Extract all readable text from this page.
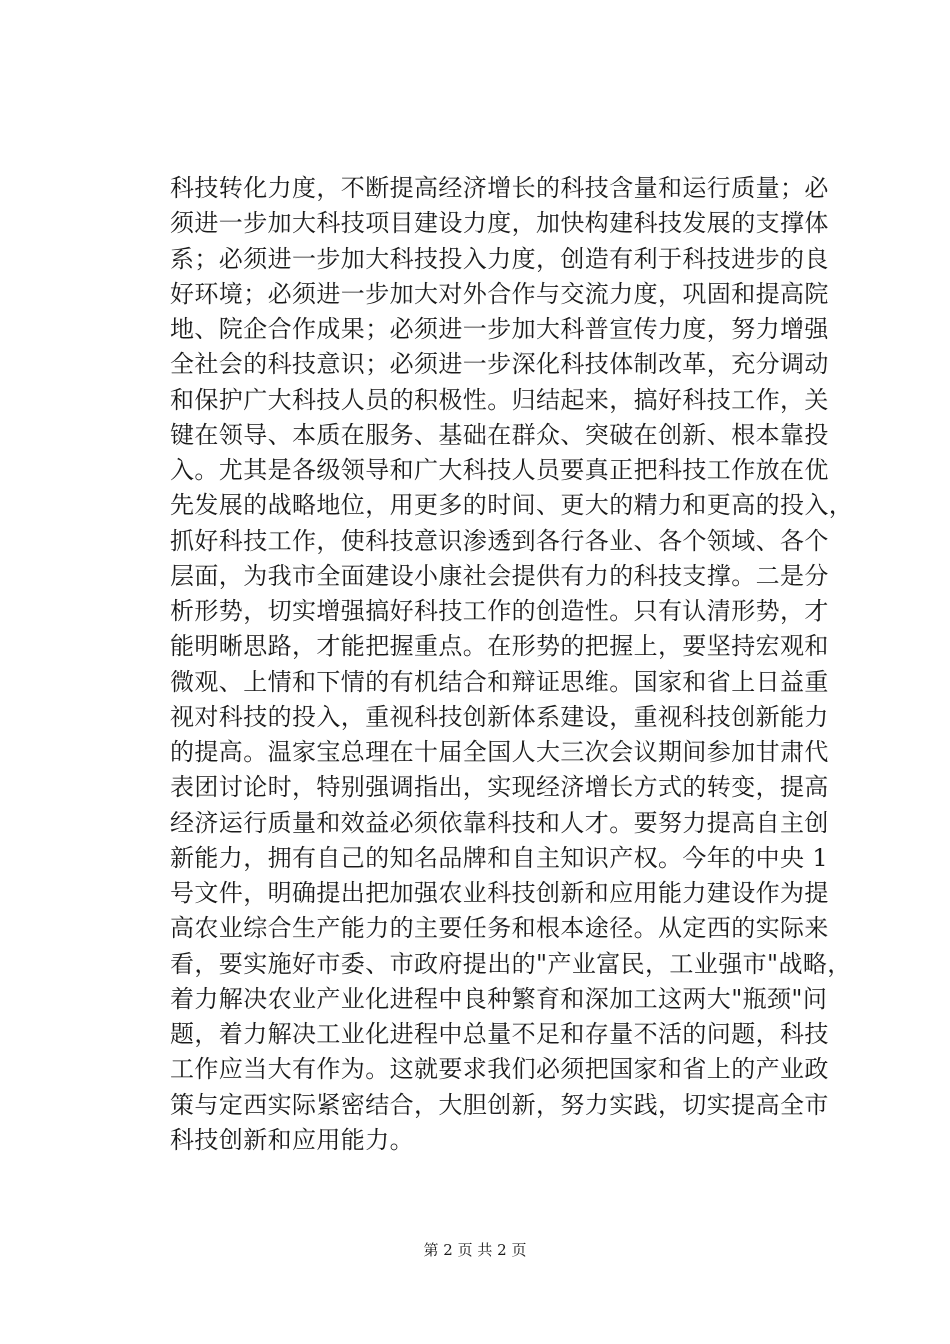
科技转化力度，不断提高经济增长的科技含量和运行质量；必
须进一步加大科技项目建设力度，加快构建科技发展的支撑体
系；必须进一步加大科技投入力度，创造有利于科技进步的良
好环境；必须进一步加大对外合作与交流力度，巩固和提高院
地、院企合作成果；必须进一步加大科普宣传力度，努力增强
全社会的科技意识；必须进一步深化科技体制改革，充分调动
和保护广大科技人员的积极性。归结起来，搞好科技工作，关
键在领导、本质在服务、基础在群众、突破在创新、根本靠投
入。尤其是各级领导和广大科技人员要真正把科技工作放在优
先发展的战略地位，用更多的时间、更大的精力和更高的投入，
抓好科技工作，使科技意识渗透到各行各业、各个领域、各个
层面，为我市全面建设小康社会提供有力的科技支撑。二是分
析形势，切实增强搞好科技工作的创造性。只有认清形势，才
能明晰思路，才能把握重点。在形势的把握上，要坚持宏观和
微观、上情和下情的有机结合和辩证思维。国家和省上日益重
视对科技的投入，重视科技创新体系建设，重视科技创新能力
的提高。温家宝总理在十届全国人大三次会议期间参加甘肃代
表团讨论时，特别强调指出，实现经济增长方式的转变，提高
经济运行质量和效益必须依靠科技和人才。要努力提高自主创
新能力，拥有自己的知名品牌和自主知识产权。今年的中央 1
号文件，明确提出把加强农业科技创新和应用能力建设作为提
高农业综合生产能力的主要任务和根本途径。从定西的实际来
看，要实施好市委、市政府提出的"产业富民，工业强市"战略，
着力解决农业产业化进程中良种繁育和深加工这两大"瓶颈"问
题，着力解决工业化进程中总量不足和存量不活的问题，科技
工作应当大有作为。这就要求我们必须把国家和省上的产业政
策与定西实际紧密结合，大胆创新，努力实践，切实提高全市
科技创新和应用能力。
第 2 页 共 2 页
